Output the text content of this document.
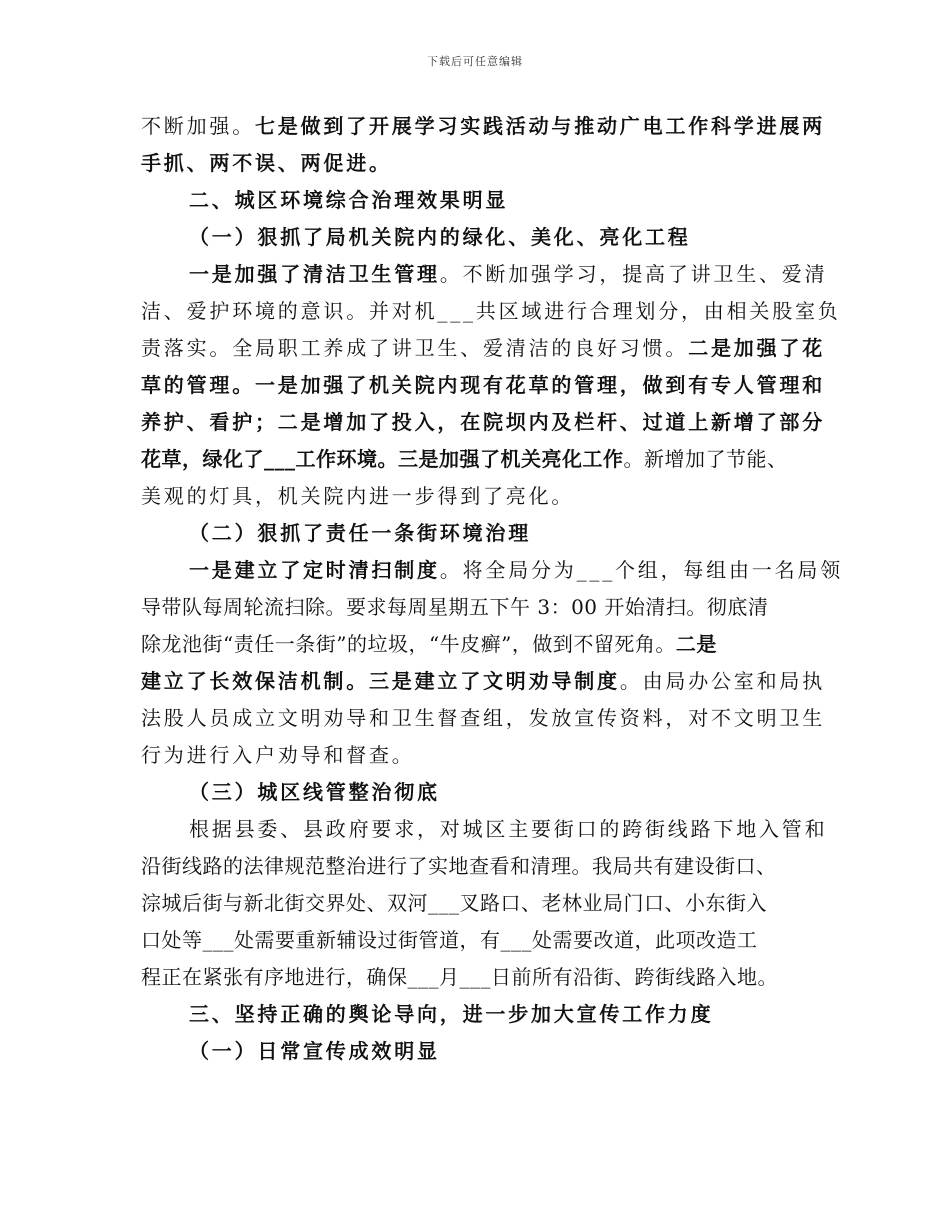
下载后可任意编辑
不断加强。七是做到了开展学习实践活动与推动广电工作科学进展两
手抓、两不误、两促进。
二、城区环境综合治理效果明显
（一）狠抓了局机关院内的绿化、美化、亮化工程
一是加强了清洁卫生管理。不断加强学习，提高了讲卫生、爱清
洁、爱护环境的意识。并对机___共区域进行合理划分，由相关股室负
责落实。全局职工养成了讲卫生、爱清洁的良好习惯。二是加强了花
草的管理。一是加强了机关院内现有花草的管理，做到有专人管理和
养护、看护；二是增加了投入，在院坝内及栏杆、过道上新增了部分
花草，绿化了___工作环境。三是加强了机关亮化工作。新增加了节能、
美观的灯具，机关院内进一步得到了亮化。
（二）狠抓了责任一条街环境治理
一是建立了定时清扫制度。将全局分为___个组，每组由一名局领
导带队每周轮流扫除。要求每周星期五下午 3：00 开始清扫。彻底清
除龙池街“责任一条街”的垃圾，“牛皮癣”，做到不留死角。二是
建立了长效保洁机制。三是建立了文明劝导制度。由局办公室和局执
法股人员成立文明劝导和卫生督查组，发放宣传资料，对不文明卫生
行为进行入户劝导和督查。
（三）城区线管整治彻底
根据县委、县政府要求，对城区主要街口的跨街线路下地入管和
沿街线路的法律规范整治进行了实地查看和清理。我局共有建设街口、
淙城后街与新北街交界处、双河___叉路口、老林业局门口、小东街入
口处等___处需要重新辅设过街管道，有___处需要改道，此项改造工
程正在紧张有序地进行，确保___月___日前所有沿街、跨街线路入地。
三、坚持正确的舆论导向，进一步加大宣传工作力度
（一）日常宣传成效明显
